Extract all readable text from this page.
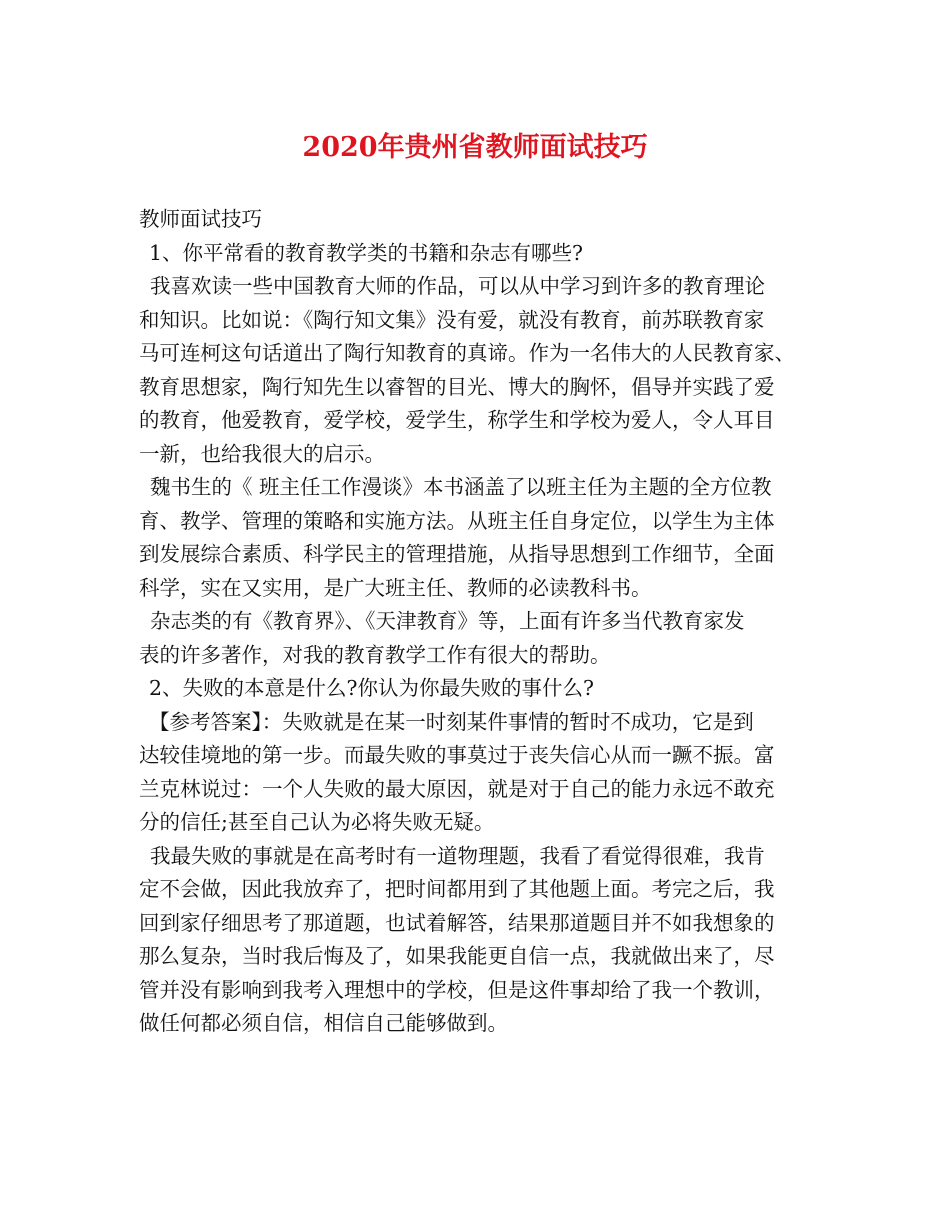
2020年贵州省教师面试技巧

教师面试技巧

1、你平常看的教育教学类的书籍和杂志有哪些?

我喜欢读一些中国教育大师的作品，可以从中学习到许多的教育理论
和知识。比如说：《陶行知文集》没有爱，就没有教育，前苏联教育家
马可连柯这句话道出了陶行知教育的真谛。作为一名伟大的人民教育家、
教育思想家，陶行知先生以睿智的目光、博大的胸怀，倡导并实践了爱
的教育，他爱教育，爱学校，爱学生，称学生和学校为爱人，令人耳目
一新，也给我很大的启示。

魏书生的《 班主任工作漫谈》本书涵盖了以班主任为主题的全方位教
育、教学、管理的策略和实施方法。从班主任自身定位，以学生为主体
到发展综合素质、科学民主的管理措施，从指导思想到工作细节，全面
科学，实在又实用，是广大班主任、教师的必读教科书。

杂志类的有《教育界》、《天津教育》等，上面有许多当代教育家发
表的许多著作，对我的教育教学工作有很大的帮助。

2、失败的本意是什么?你认为你最失败的事什么?

【参考答案】：失败就是在某一时刻某件事情的暂时不成功，它是到
达较佳境地的第一步。而最失败的事莫过于丧失信心从而一蹶不振。富
兰克林说过：一个人失败的最大原因，就是对于自己的能力永远不敢充
分的信任;甚至自己认为必将失败无疑。

我最失败的事就是在高考时有一道物理题，我看了看觉得很难，我肯
定不会做，因此我放弃了，把时间都用到了其他题上面。考完之后，我
回到家仔细思考了那道题，也试着解答，结果那道题目并不如我想象的
那么复杂，当时我后悔及了，如果我能更自信一点，我就做出来了，尽
管并没有影响到我考入理想中的学校，但是这件事却给了我一个教训，
做任何都必须自信，相信自己能够做到。
